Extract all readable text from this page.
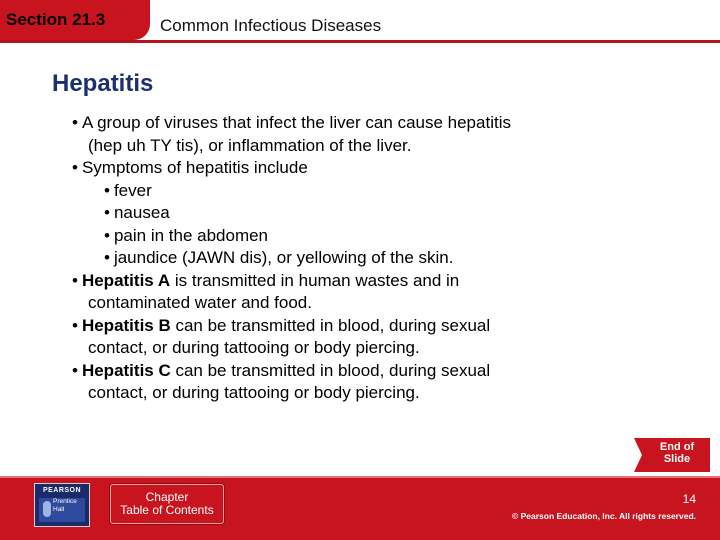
Section 21.3	Common Infectious Diseases
Hepatitis
• A group of viruses that infect the liver can cause hepatitis
(hep uh TY tis), or inflammation of the liver.
• Symptoms of hepatitis include
• fever
• nausea
• pain in the abdomen
• jaundice (JAWN dis), or yellowing of the skin.
• Hepatitis A is transmitted in human wastes and in
contaminated water and food.
• Hepatitis B can be transmitted in blood, during sexual
contact, or during tattooing or body piercing.
• Hepatitis C can be transmitted in blood, during sexual
contact, or during tattooing or body piercing.
End of
Slide
PEARSON
Prentice
Hall
Chapter
Table of Contents
14
© Pearson Education, Inc. All rights reserved.
